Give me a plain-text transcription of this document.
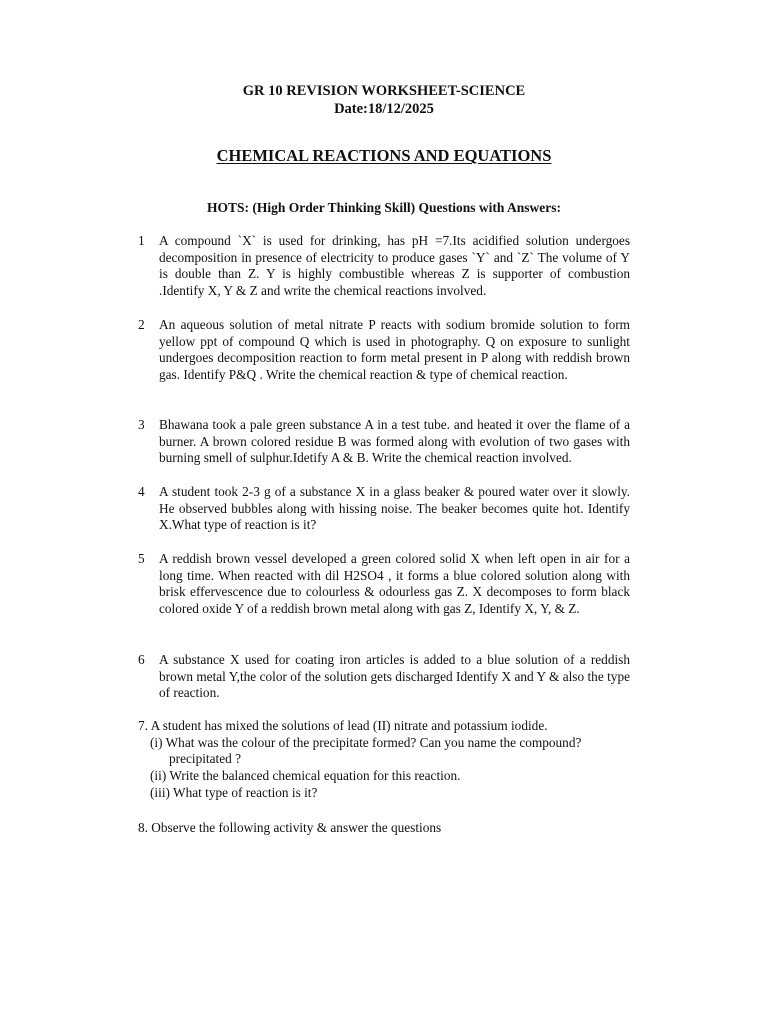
GR 10 REVISION WORKSHEET-SCIENCE
Date:18/12/2025
CHEMICAL REACTIONS AND EQUATIONS
HOTS: (High Order Thinking Skill) Questions with Answers:
1 A compound `X` is used for drinking, has pH =7.Its acidified solution undergoes decomposition in presence of electricity to produce gases `Y` and `Z` The volume of Y is double than Z. Y is highly combustible whereas Z is supporter of combustion .Identify X, Y & Z and write the chemical reactions involved.
2 An aqueous solution of metal nitrate P reacts with sodium bromide solution to form yellow ppt of compound Q which is used in photography. Q on exposure to sunlight undergoes decomposition reaction to form metal present in P along with reddish brown gas. Identify P&Q . Write the chemical reaction & type of chemical reaction.
3 Bhawana took a pale green substance A in a test tube. and heated it over the flame of a burner. A brown colored residue B was formed along with evolution of two gases with burning smell of sulphur.Idetify A & B. Write the chemical reaction involved.
4 A student took 2-3 g of a substance X in a glass beaker & poured water over it slowly. He observed bubbles along with hissing noise. The beaker becomes quite hot. Identify X.What type of reaction is it?
5 A reddish brown vessel developed a green colored solid X when left open in air for a long time. When reacted with dil H2SO4 , it forms a blue colored solution along with brisk effervescence due to colourless & odourless gas Z. X decomposes to form black colored oxide Y of a reddish brown metal along with gas Z, Identify X, Y, & Z.
6 A substance X used for coating iron articles is added to a blue solution of a reddish brown metal Y,the color of the solution gets discharged Identify X and Y & also the type of reaction.
7. A student has mixed the solutions of lead (II) nitrate and potassium iodide.
(i) What was the colour of the precipitate formed? Can you name the compound?
precipitated ?
(ii) Write the balanced chemical equation for this reaction.
(iii) What type of reaction is it?
8. Observe the following activity & answer the questions
